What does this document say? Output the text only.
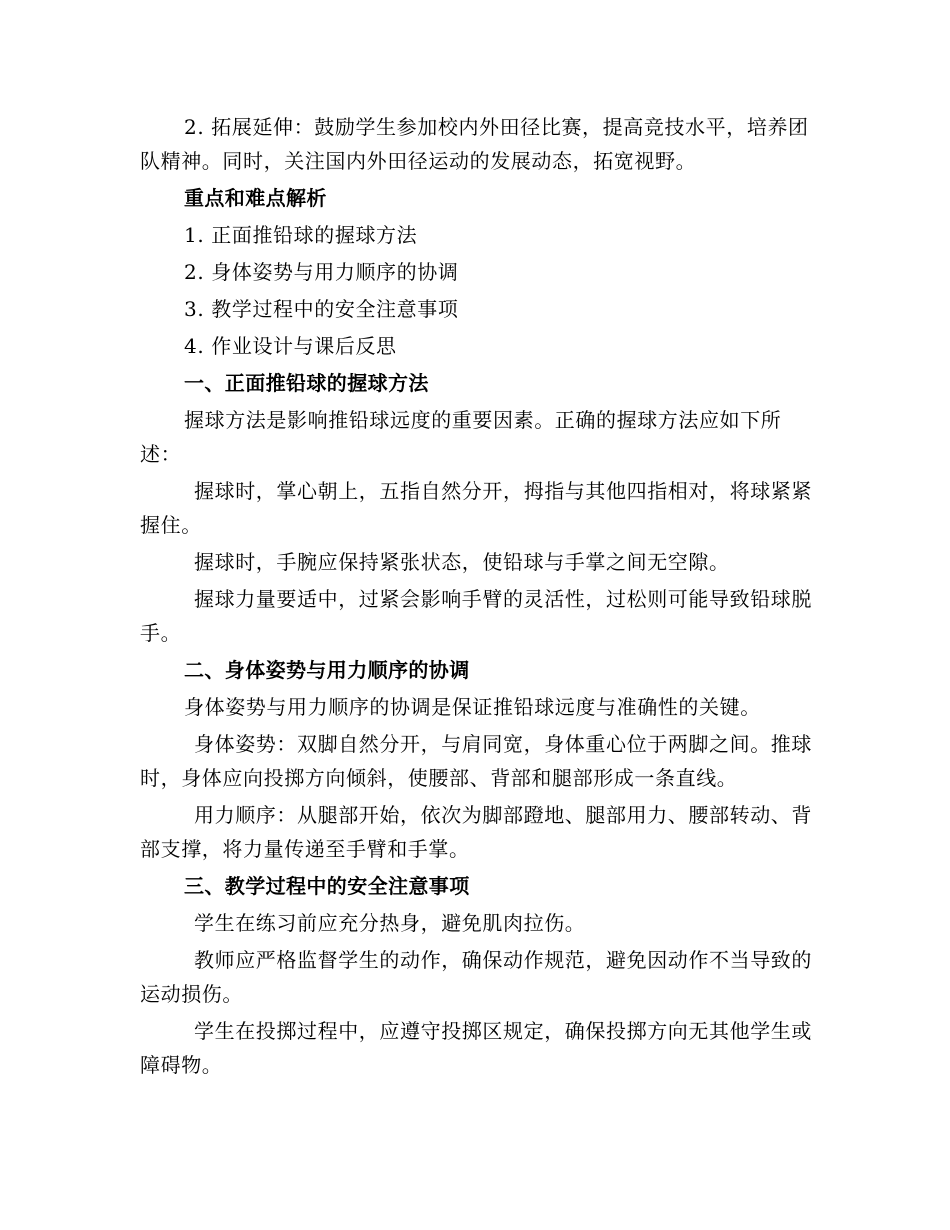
2. 拓展延伸：鼓励学生参加校内外田径比赛，提高竞技水平，培养团队精神。同时，关注国内外田径运动的发展动态，拓宽视野。

重点和难点解析

1. 正面推铅球的握球方法

2. 身体姿势与用力顺序的协调

3. 教学过程中的安全注意事项

4. 作业设计与课后反思

一、正面推铅球的握球方法

握球方法是影响推铅球远度的重要因素。正确的握球方法应如下所述：

握球时，掌心朝上，五指自然分开，拇指与其他四指相对，将球紧紧握住。

握球时，手腕应保持紧张状态，使铅球与手掌之间无空隙。

握球力量要适中，过紧会影响手臂的灵活性，过松则可能导致铅球脱手。

二、身体姿势与用力顺序的协调

身体姿势与用力顺序的协调是保证推铅球远度与准确性的关键。

身体姿势：双脚自然分开，与肩同宽，身体重心位于两脚之间。推球时，身体应向投掷方向倾斜，使腰部、背部和腿部形成一条直线。

用力顺序：从腿部开始，依次为脚部蹬地、腿部用力、腰部转动、背部支撑，将力量传递至手臂和手掌。

三、教学过程中的安全注意事项

学生在练习前应充分热身，避免肌肉拉伤。

教师应严格监督学生的动作，确保动作规范，避免因动作不当导致的运动损伤。

学生在投掷过程中，应遵守投掷区规定，确保投掷方向无其他学生或障碍物。
